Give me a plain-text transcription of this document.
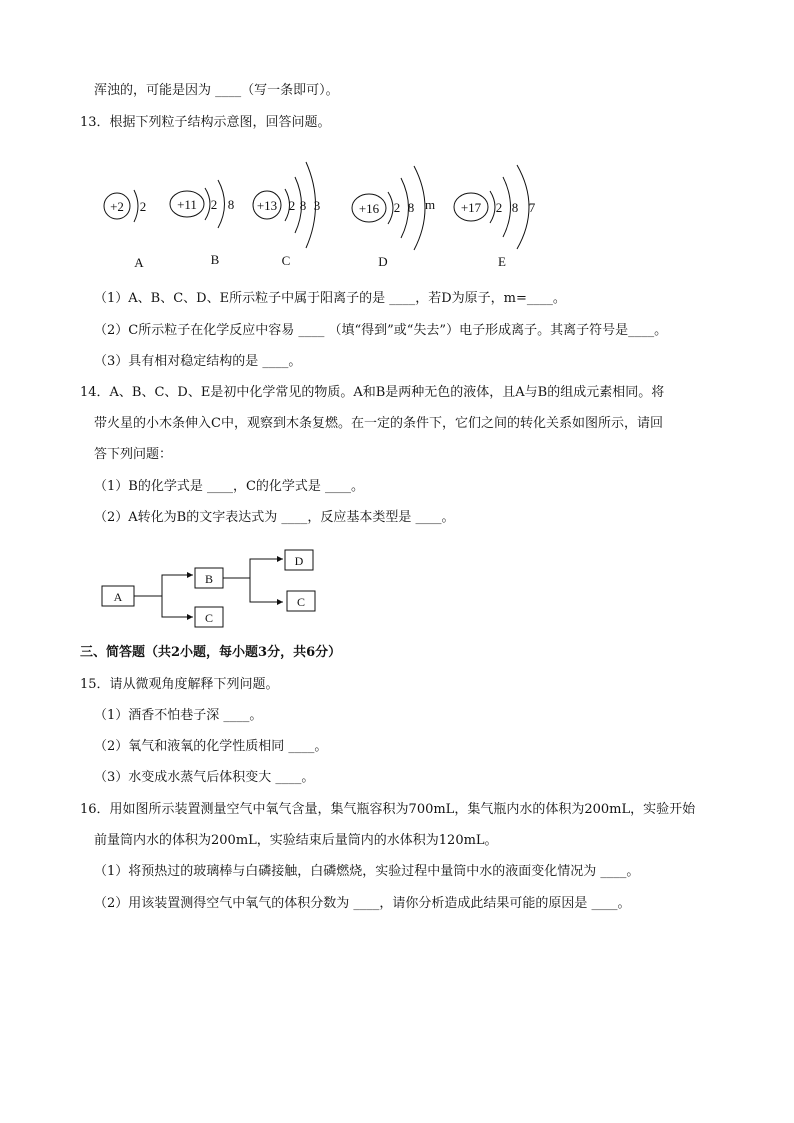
浑浊的，可能是因为 ____（写一条即可）。
13．根据下列粒子结构示意图，回答问题。
+2 2
A
+11 2 8
B
+13 2 8 3
C
+16 2 8 m
D
+17 2 8 7
E
（1）A、B、C、D、E所示粒子中属于阳离子的是 ____，若D为原子，m=____。
（2）C所示粒子在化学反应中容易 ____ （填“得到”或“失去”）电子形成离子。其离子符号是____。
（3）具有相对稳定结构的是 ____。
14．A、B、C、D、E是初中化学常见的物质。A和B是两种无色的液体，且A与B的组成元素相同。将
带火星的小木条伸入C中，观察到木条复燃。在一定的条件下，它们之间的转化关系如图所示，请回
答下列问题：
（1）B的化学式是 ____，C的化学式是 ____。
（2）A转化为B的文字表达式为 ____，反应基本类型是 ____。
A
B
C
D
C
三、简答题（共2小题，每小题3分，共6分）
15．请从微观角度解释下列问题。
（1）酒香不怕巷子深 ____。
（2）氧气和液氧的化学性质相同 ____。
（3）水变成水蒸气后体积变大 ____。
16．用如图所示装置测量空气中氧气含量，集气瓶容积为700mL，集气瓶内水的体积为200mL，实验开始
前量筒内水的体积为200mL，实验结束后量筒内的水体积为120mL。
（1）将预热过的玻璃棒与白磷接触，白磷燃烧，实验过程中量筒中水的液面变化情况为 ____。
（2）用该装置测得空气中氧气的体积分数为 ____，请你分析造成此结果可能的原因是 ____。
